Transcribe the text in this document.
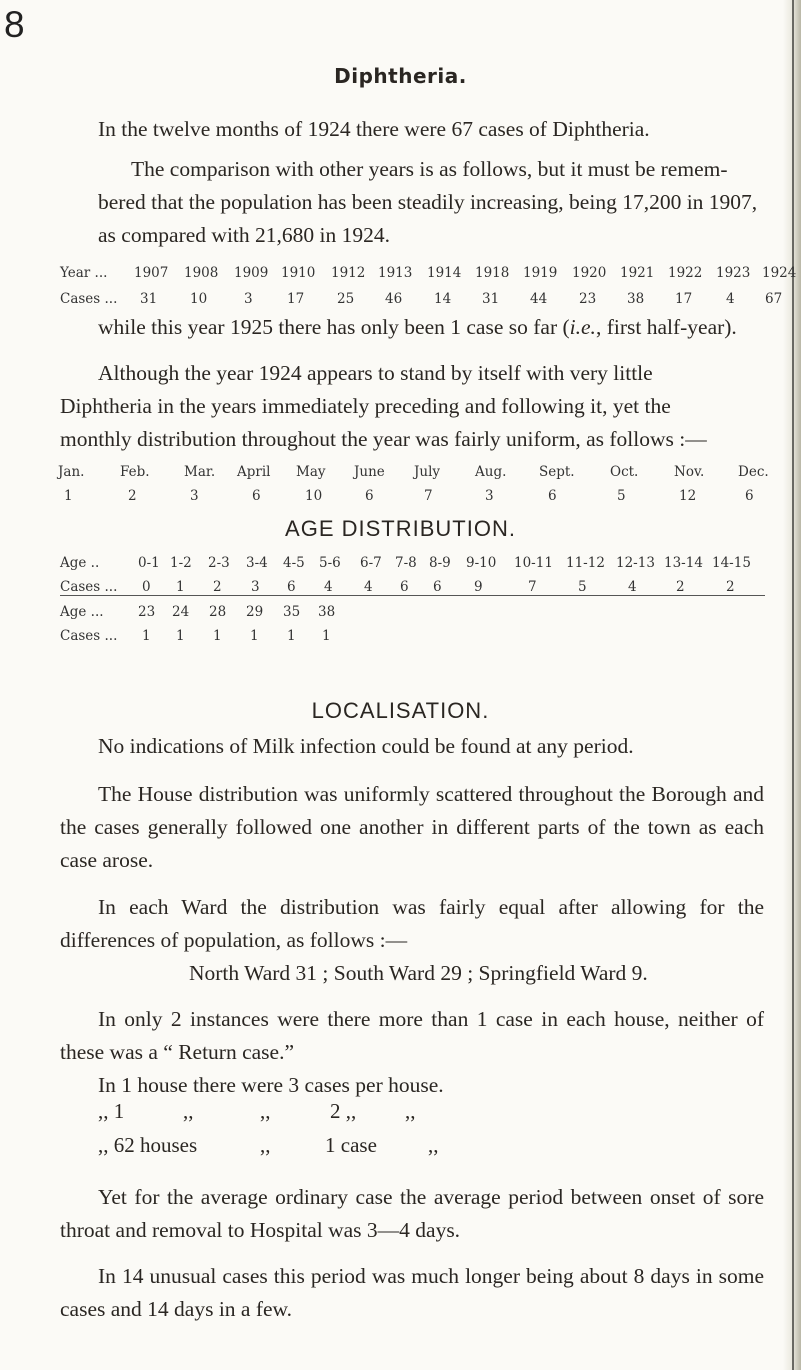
8
Diphtheria.

In the twelve months of 1924 there were 67 cases of Diphtheria.

The comparison with other years is as follows, but it must be remem-

bered that the population has been steadily increasing, being 17,200 in 1907,

as compared with 21,680 in 1924.

Year ...
Cases ...
1907 1908 1909 1910 1912 1913 1914 1918 1919 1920 1921 1922 1923 1924
31 10	3	17 25 46 14 31 44 23 38 17	4 67

while this year 1925 there has only been 1 case so far (i.e., first half-year).

Although the year 1924 appears to stand by itself with very little

Diphtheria in the years immediately preceding and following it, yet the

monthly distribution throughout the year was fairly uniform, as follows :—

Jan.	Feb.	Mar. April May June July	Aug. Sept.	Oct.	Nov. Dec.
1	2	3	6	10	6	7	3	6	5	12	6
AGE DISTRIBUTION.
Age ..
Cases ...
0-1 1-2 2-3 3-4 4-5 5-6 6-7 7-8 8-9 9-10 10-11 11-12 12-13 13-14 14-15
0 1 2 3 6 4 4 6 6 9	7	5	4	2	2
Age ...
Cases ...
23 24 28 29 35 38
1 1 1 1 1 1
LOCALISATION.

No indications of Milk infection could be found at any period.

The House distribution was uniformly scattered throughout the Borough and the cases generally followed one another in different parts of the town as each case arose.

In each Ward the distribution was fairly equal after allowing for the differences of population, as follows :—

North Ward 31 ; South Ward 29 ; Springfield Ward 9.

In only 2 instances were there more than 1 case in each house, neither of these was a “ Return case.”

In 1 house there were 3 cases per house.

,, 1	,,	,,	2 ,, ,,
,, 62 houses	,,	1 case ,,

Yet for the average ordinary case the average period between onset of sore throat and removal to Hospital was 3—4 days.

In 14 unusual cases this period was much longer being about 8 days in some cases and 14 days in a few.
